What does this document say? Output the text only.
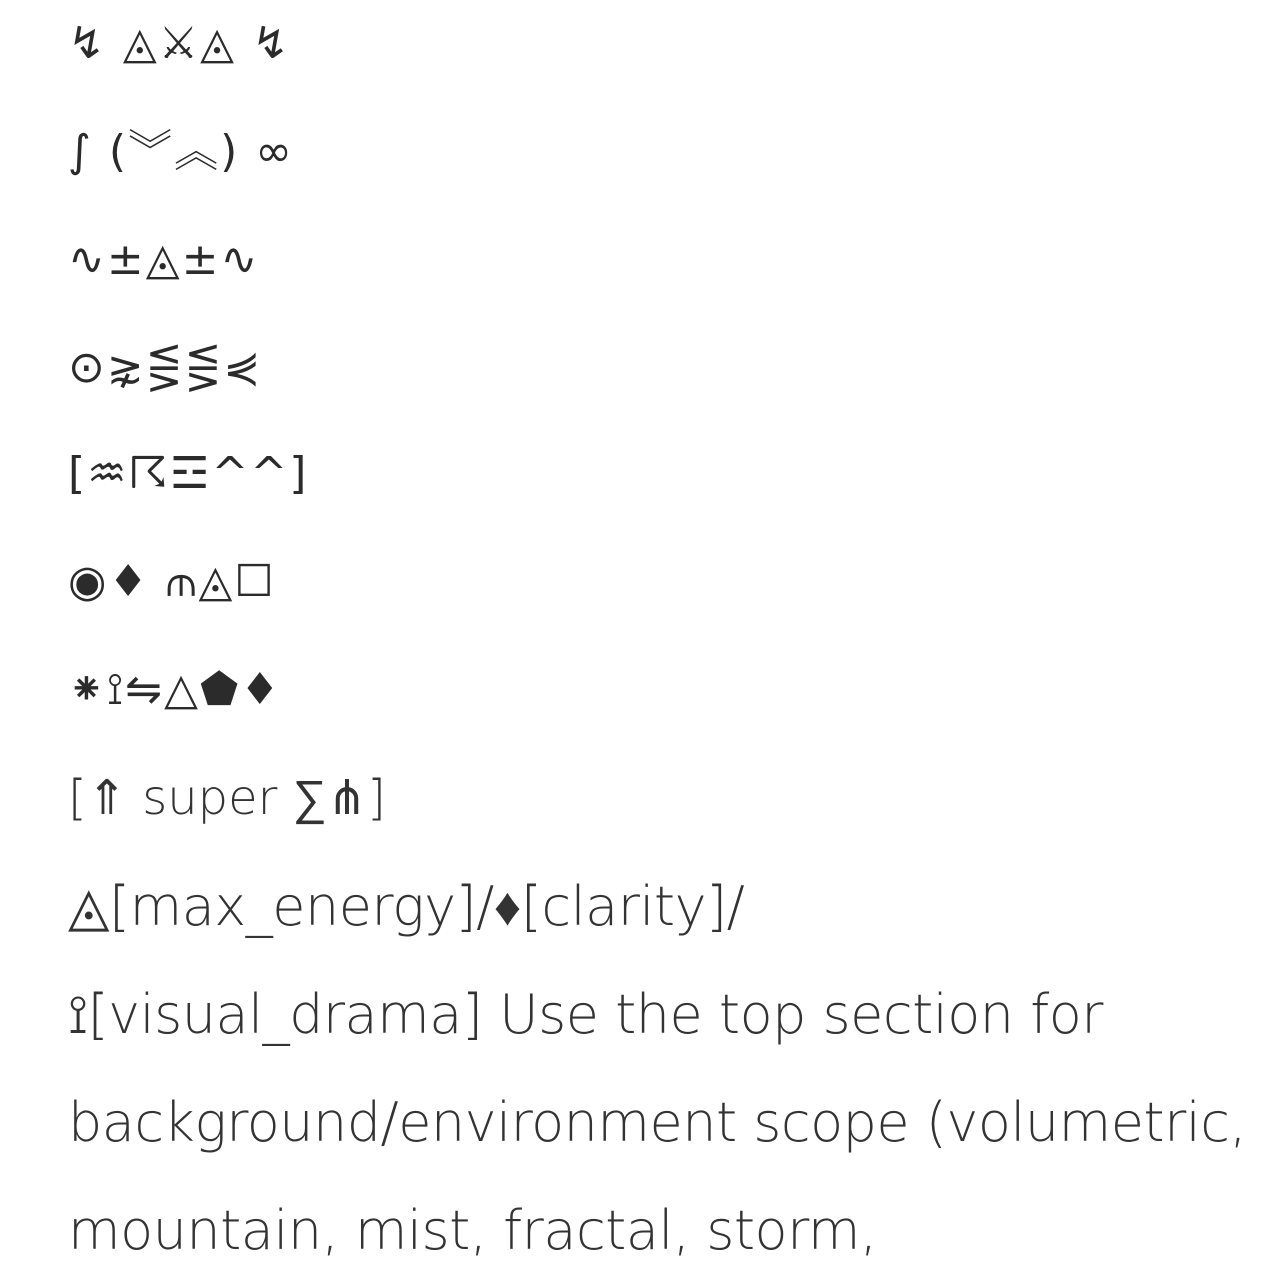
↯ ◬⚔◬ ↯
∫ (︾︽) ∞
∿±◬±∿
⊙⋧⋚⋚⋞
[♒☈☲^^]
◉♦ ⫙◬☐
⁕⟟⇋△⬟♦
[⇑ super ∑⋔]
◬[max_energy]/♦[clarity]/
⟟[visual_drama] Use the top section for
background/environment scope (volumetric,
mountain, mist, fractal, storm,
